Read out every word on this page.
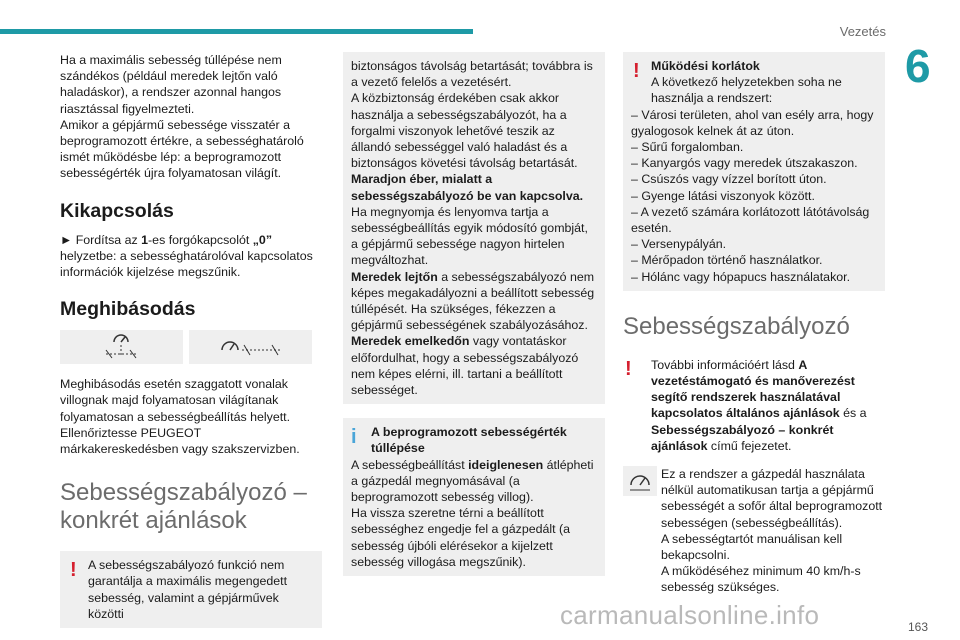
Vezetés
6

Ha a maximális sebesség túllépése nem szándékos (például meredek lejtőn való haladáskor), a rendszer azonnal hangos riasztással figyelmezteti.
Amikor a gépjármű sebessége visszatér a beprogramozott értékre, a sebességhatároló ismét működésbe lép: a beprogramozott sebességérték újra folyamatosan világít.

Kikapcsolás

► Fordítsa az 1-es forgókapcsolót „0” helyzetbe: a sebességhatárolóval kapcsolatos információk kijelzése megszűnik.

Meghibásodás

Meghibásodás esetén szaggatott vonalak villognak majd folyamatosan világítanak folyamatosan a sebességbeállítás helyett. Ellenőriztesse PEUGEOT márkakereskedésben vagy szakszervizben.

Sebességszabályozó – konkrét ajánlások
! A sebességszabályozó funkció nem garantálja a maximális megengedett sebesség, valamint a gépjárművek közötti

biztonságos távolság betartását; továbbra is a vezető felelős a vezetésért.
A közbiztonság érdekében csak akkor használja a sebességszabályozót, ha a forgalmi viszonyok lehetővé teszik az állandó sebességgel való haladást és a biztonságos követési távolság betartását.

Maradjon éber, mialatt a sebességszabályozó be van kapcsolva.

Ha megnyomja és lenyomva tartja a sebességbeállítás egyik módosító gombját, a gépjármű sebessége nagyon hirtelen megváltozhat.

Meredek lejtőn a sebességszabályozó nem képes megakadályozni a beállított sebesség túllépését. Ha szükséges, fékezzen a gépjármű sebességének szabályozásához.

Meredek emelkedőn vagy vontatáskor előfordulhat, hogy a sebességszabályozó nem képes elérni, ill. tartani a beállított sebességet.

i	A beprogramozott sebességérték túllépése

A sebességbeállítást ideiglenesen átlépheti a gázpedál megnyomásával (a beprogramozott sebesség villog).
Ha vissza szeretne térni a beállított sebességhez engedje fel a gázpedált (a sebesség újbóli elérésekor a kijelzett sebesség villogása megszűnik).

! Működési korlátok

A következő helyzetekben soha ne használja a rendszert:

– Városi területen, ahol van esély arra, hogy gyalogosok kelnek át az úton.

– Sűrű forgalomban.

– Kanyargós vagy meredek útszakaszon.

– Csúszós vagy vízzel borított úton.

– Gyenge látási viszonyok között.

– A vezető számára korlátozott látótávolság esetén.

– Versenypályán.

– Mérőpadon történő használatkor.

– Hólánc vagy hópapucs használatakor.

Sebességszabályozó
! További információért lásd A vezetéstámogató és manőverezést segítő rendszerek használatával kapcsolatos általános ajánlások és a Sebességszabályozó – konkrét ajánlások című fejezetet.

Ez a rendszer a gázpedál használata nélkül automatikusan tartja a gépjármű sebességét a sofőr által beprogramozott sebességen (sebességbeállítás).
A sebességtartót manuálisan kell bekapcsolni.
A működéséhez minimum 40 km/h-s sebesség szükséges.

carmanualsonline.info	163
